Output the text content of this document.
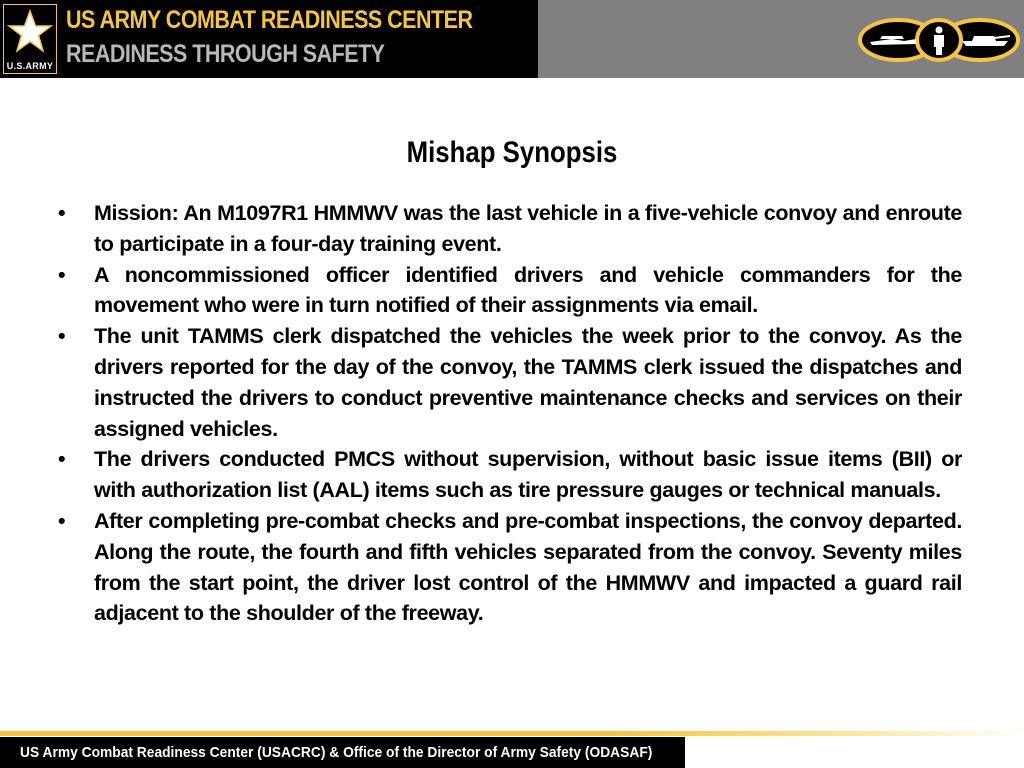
U.S.ARMY
US ARMY COMBAT READINESS CENTER
READINESS THROUGH SAFETY
Mishap Synopsis
•	Mission: An M1097R1 HMMWV was the last vehicle in a five-vehicle convoy and enroute to participate in a four-day training event.
•	A noncommissioned officer identified drivers and vehicle commanders for the movement who were in turn notified of their assignments via email.
•	The unit TAMMS clerk dispatched the vehicles the week prior to the convoy. As the drivers reported for the day of the convoy, the TAMMS clerk issued the dispatches and instructed the drivers to conduct preventive maintenance checks and services on their assigned vehicles.
•	The drivers conducted PMCS without supervision, without basic issue items (BII) or with authorization list (AAL) items such as tire pressure gauges or technical manuals.
•	After completing pre-combat checks and pre-combat inspections, the convoy departed. Along the route, the fourth and fifth vehicles separated from the convoy. Seventy miles from the start point, the driver lost control of the HMMWV and impacted a guard rail adjacent to the shoulder of the freeway.
US Army Combat Readiness Center (USACRC) & Office of the Director of Army Safety (ODASAF)
